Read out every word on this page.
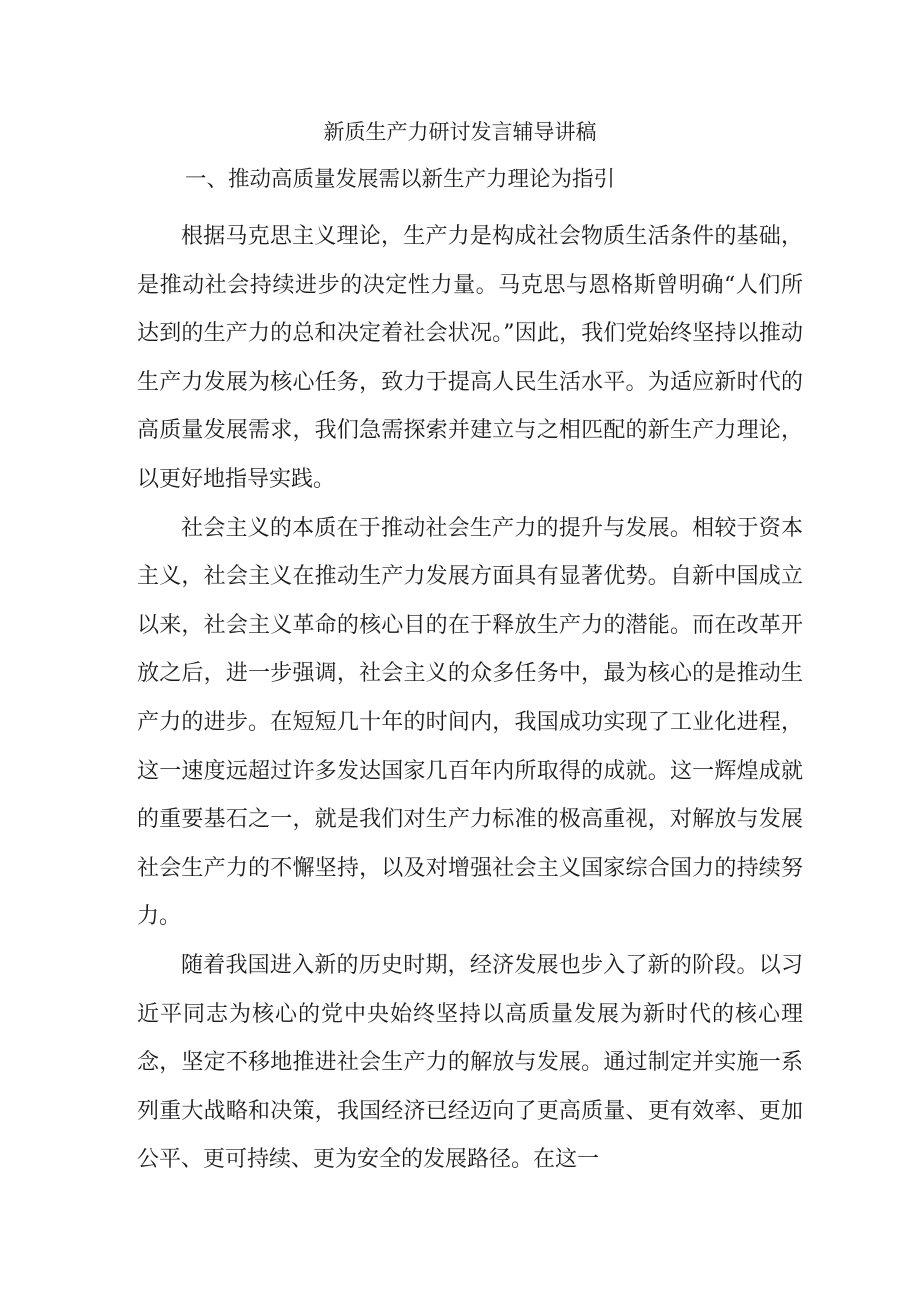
新质生产力研讨发言辅导讲稿
一、推动高质量发展需以新生产力理论为指引

根据马克思主义理论，生产力是构成社会物质生活条件的基础，是推动社会持续进步的决定性力量。马克思与恩格斯曾明确“人们所达到的生产力的总和决定着社会状况。”因此，我们党始终坚持以推动生产力发展为核心任务，致力于提高人民生活水平。为适应新时代的高质量发展需求，我们急需探索并建立与之相匹配的新生产力理论，以更好地指导实践。

社会主义的本质在于推动社会生产力的提升与发展。相较于资本主义，社会主义在推动生产力发展方面具有显著优势。自新中国成立以来，社会主义革命的核心目的在于释放生产力的潜能。而在改革开放之后，进一步强调，社会主义的众多任务中，最为核心的是推动生产力的进步。在短短几十年的时间内，我国成功实现了工业化进程，这一速度远超过许多发达国家几百年内所取得的成就。这一辉煌成就的重要基石之一，就是我们对生产力标准的极高重视，对解放与发展社会生产力的不懈坚持，以及对增强社会主义国家综合国力的持续努力。

随着我国进入新的历史时期，经济发展也步入了新的阶段。以习近平同志为核心的党中央始终坚持以高质量发展为新时代的核心理念，坚定不移地推进社会生产力的解放与发展。通过制定并实施一系列重大战略和决策，我国经济已经迈向了更高质量、更有效率、更加公平、更可持续、更为安全的发展路径。在这一
